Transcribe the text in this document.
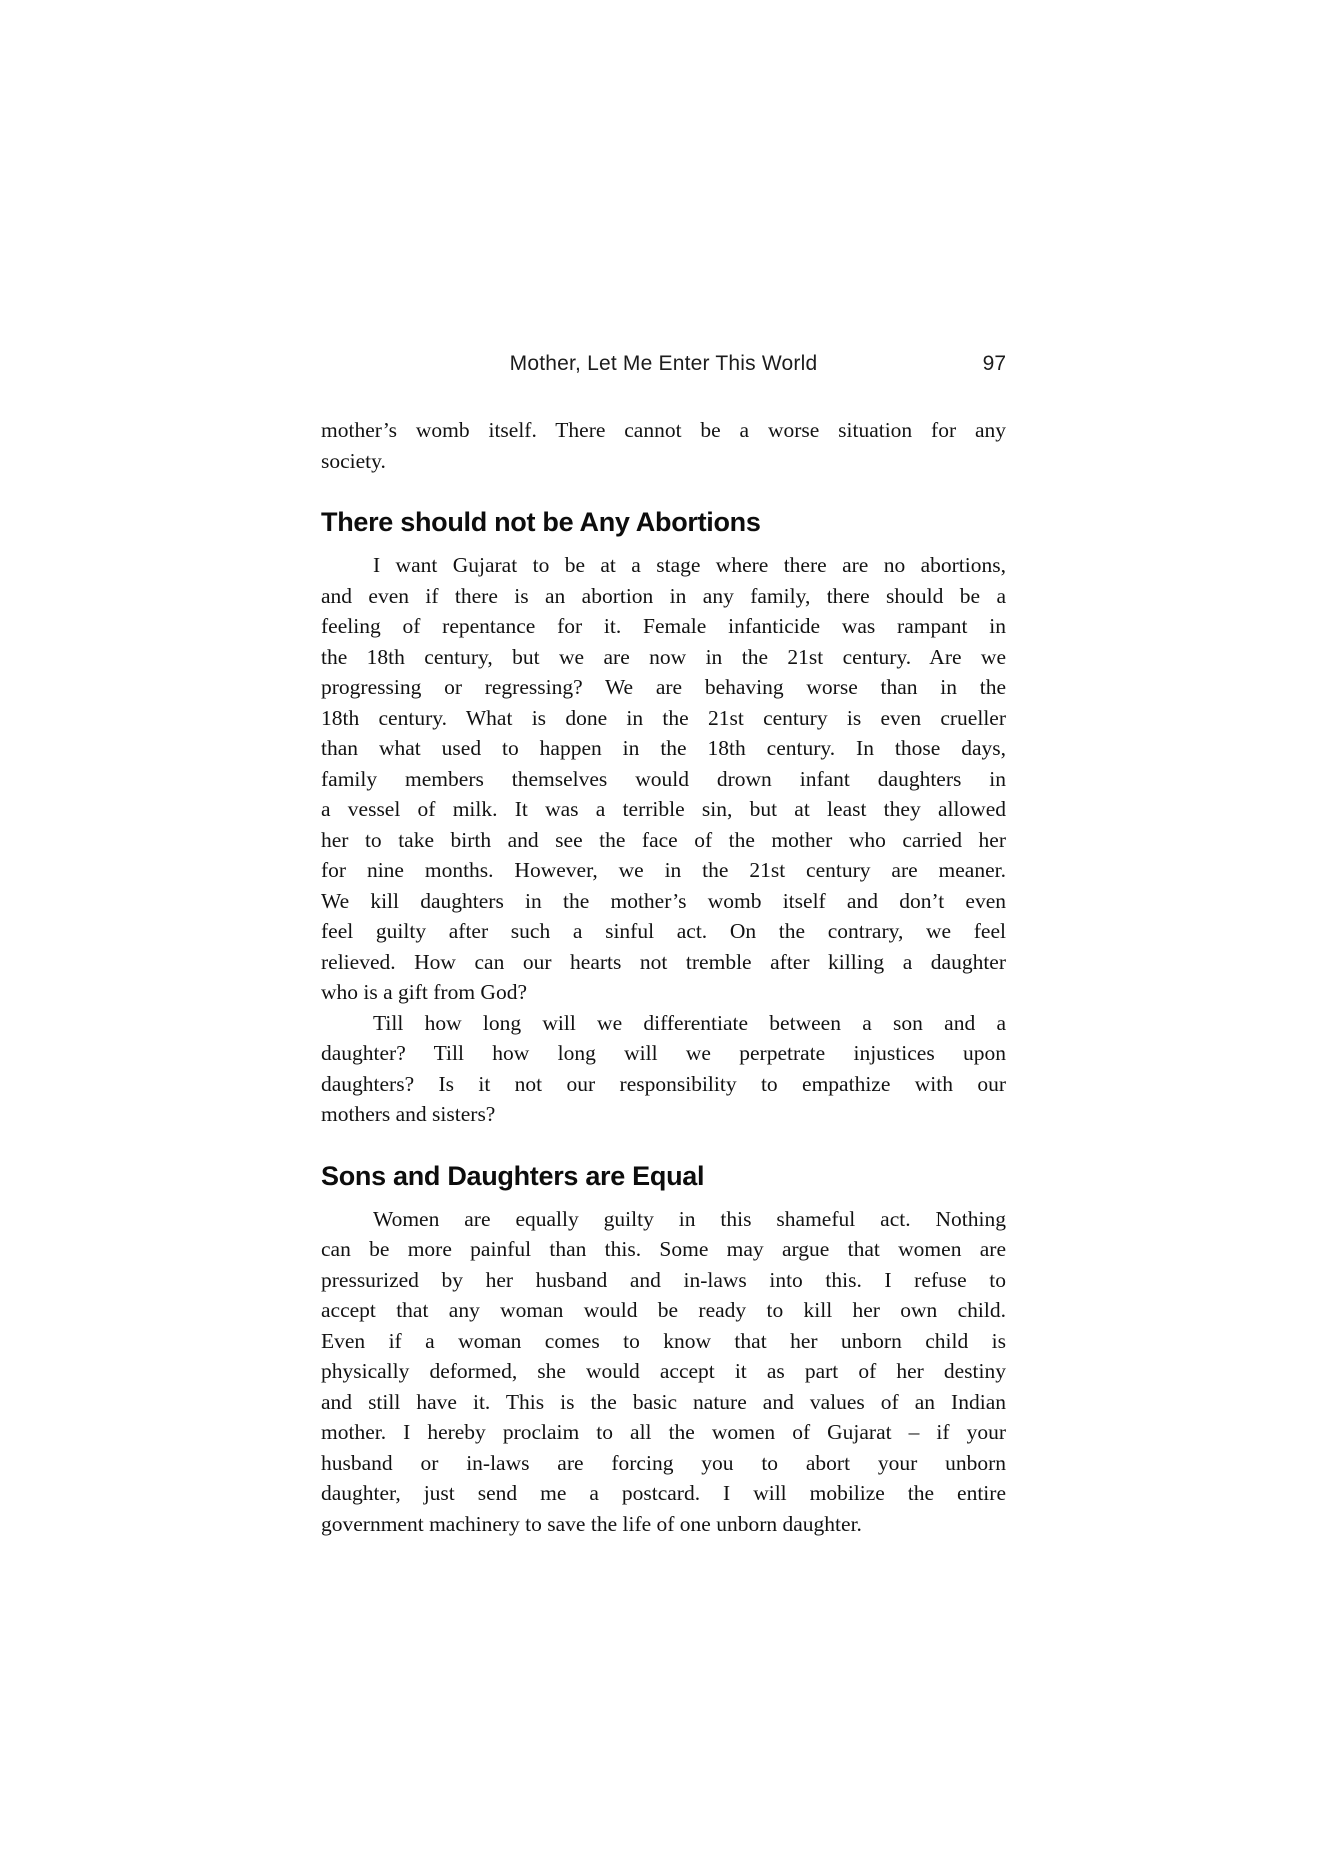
Mother, Let Me Enter This World	97
mother’s womb itself. There cannot be a worse situation for any
society.
There should not be Any Abortions
I want Gujarat to be at a stage where there are no abortions,
and even if there is an abortion in any family, there should be a
feeling of repentance for it. Female infanticide was rampant in
the 18th century, but we are now in the 21st century. Are we
progressing or regressing? We are behaving worse than in the
18th century. What is done in the 21st century is even crueller
than what used to happen in the 18th century. In those days,
family members themselves would drown infant daughters in
a vessel of milk. It was a terrible sin, but at least they allowed
her to take birth and see the face of the mother who carried her
for nine months. However, we in the 21st century are meaner.
We kill daughters in the mother’s womb itself and don’t even
feel guilty after such a sinful act. On the contrary, we feel
relieved. How can our hearts not tremble after killing a daughter
who is a gift from God?
Till how long will we differentiate between a son and a
daughter? Till how long will we perpetrate injustices upon
daughters? Is it not our responsibility to empathize with our
mothers and sisters?
Sons and Daughters are Equal
Women are equally guilty in this shameful act. Nothing
can be more painful than this. Some may argue that women are
pressurized by her husband and in-laws into this. I refuse to
accept that any woman would be ready to kill her own child.
Even if a woman comes to know that her unborn child is
physically deformed, she would accept it as part of her destiny
and still have it. This is the basic nature and values of an Indian
mother. I hereby proclaim to all the women of Gujarat – if your
husband or in-laws are forcing you to abort your unborn
daughter, just send me a postcard. I will mobilize the entire
government machinery to save the life of one unborn daughter.
